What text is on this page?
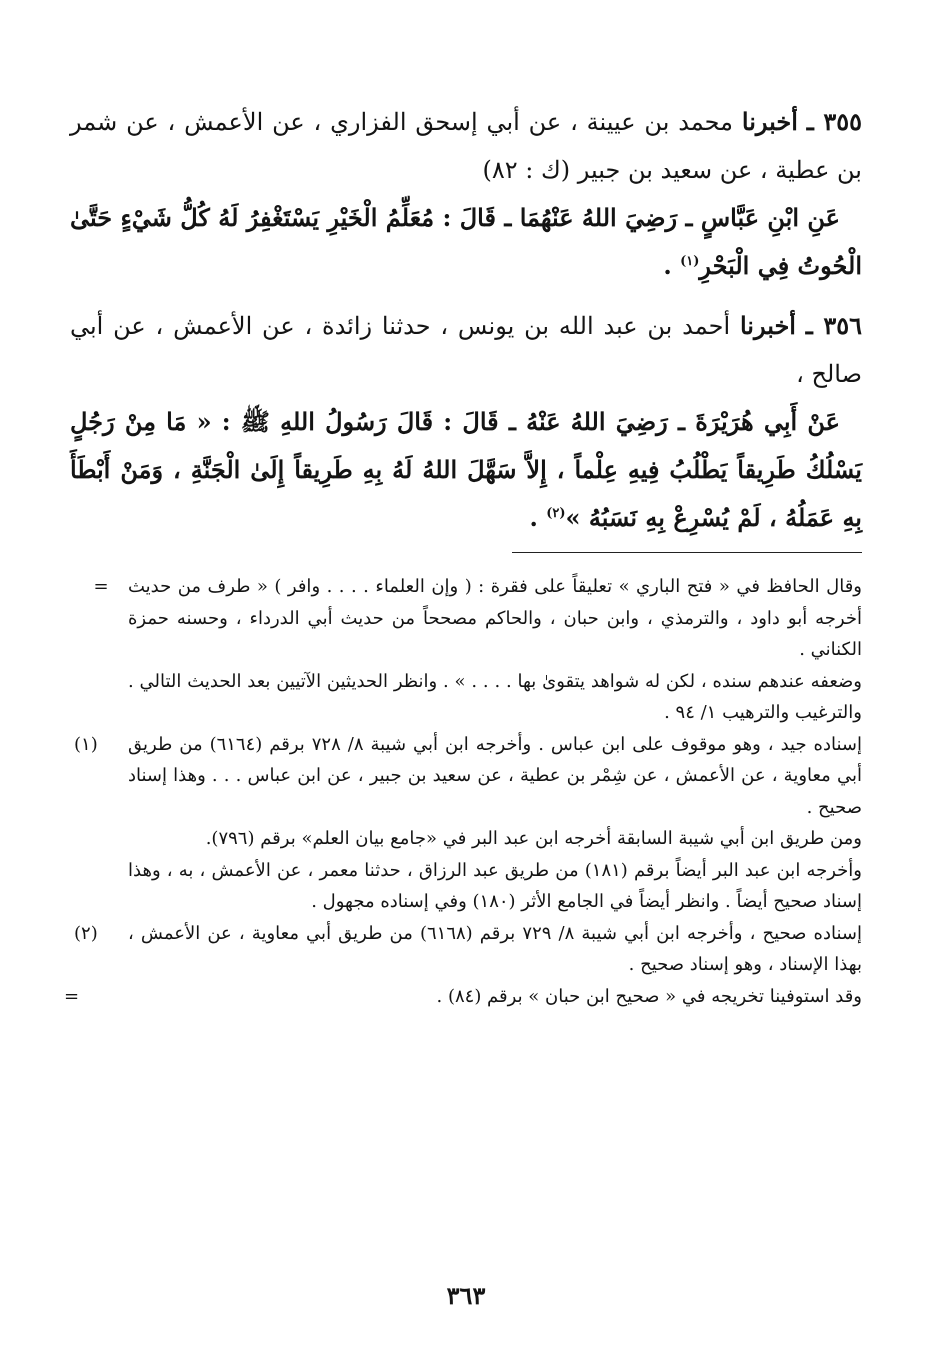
٣٥٥ ـ أخبرنا محمد بن عيينة ، عن أبي إسحق الفزاري ، عن الأعمش ، عن شمر بن عطية ، عن سعيد بن جبير (ك : ٨٢)

عَنِ ابْنِ عَبَّاسٍ ـ رَضِيَ اللهُ عَنْهُمَا ـ قَالَ : مُعَلِّمُ الْخَيْرِ يَسْتَغْفِرُ لَهُ كُلُّ شَيْءٍ حَتَّىٰ الْحُوتُ فِي الْبَحْرِ$^{(١)}$ .

٣٥٦ ـ أخبرنا أحمد بن عبد الله بن يونس ، حدثنا زائدة ، عن الأعمش ، عن أبي صالح ،

عَنْ أَبِي هُرَيْرَةَ ـ رَضِيَ اللهُ عَنْهُ ـ قَالَ : قَالَ رَسُولُ اللهِ ﷺ : « مَا مِنْ رَجُلٍ يَسْلُكُ طَرِيقاً يَطْلُبُ فِيهِ عِلْماً ، إِلاَّ سَهَّلَ اللهُ لَهُ بِهِ طَرِيقاً إِلَىٰ الْجَنَّةِ ، وَمَنْ أَبْطَأَ بِهِ عَمَلُهُ ، لَمْ يُسْرِعْ بِهِ نَسَبُهُ »$^{(٢)}$ .

وقال الحافظ في « فتح الباري » تعليقاً على فقرة : ( وإن العلماء . . . . وافر ) « طرف من حديث أخرجه أبو داود ، والترمذي ، وابن حبان ، والحاكم مصححاً من حديث أبي الدرداء ، وحسنه حمزة الكناني .

وضعفه عندهم سنده ، لكن له شواهد يتقوىٰ بها . . . . » . وانظر الحديثين الآتيين بعد الحديث التالي . والترغيب والترهيب ١/ ٩٤ .

=

إسناده جيد ، وهو موقوف على ابن عباس . وأخرجه ابن أبي شيبة ٨/ ٧٢٨ برقم (٦١٦٤) من طريق أبي معاوية ، عن الأعمش ، عن شِمْر بن عطية ، عن سعيد بن جبير ، عن ابن عباس . . . وهذا إسناد صحيح .

ومن طريق ابن أبي شيبة السابقة أخرجه ابن عبد البر في «جامع بيان العلم» برقم (٧٩٦).

وأخرجه ابن عبد البر أيضاً برقم (١٨١) من طريق عبد الرزاق ، حدثنا معمر ، عن الأعمش ، به ، وهذا إسناد صحيح أيضاً . وانظر أيضاً في الجامع الأثر (١٨٠) وفي إسناده مجهول .

(١)

إسناده صحيح ، وأخرجه ابن أبي شيبة ٨/ ٧٢٩ برقم (٦١٦٨) من طريق أبي معاوية ، عن الأعمش ، بهذا الإسناد ، وهو إسناد صحيح .

وقد استوفينا تخريجه في « صحيح ابن حبان » برقم (٨٤) .

(٢)
=
٣٦٣
